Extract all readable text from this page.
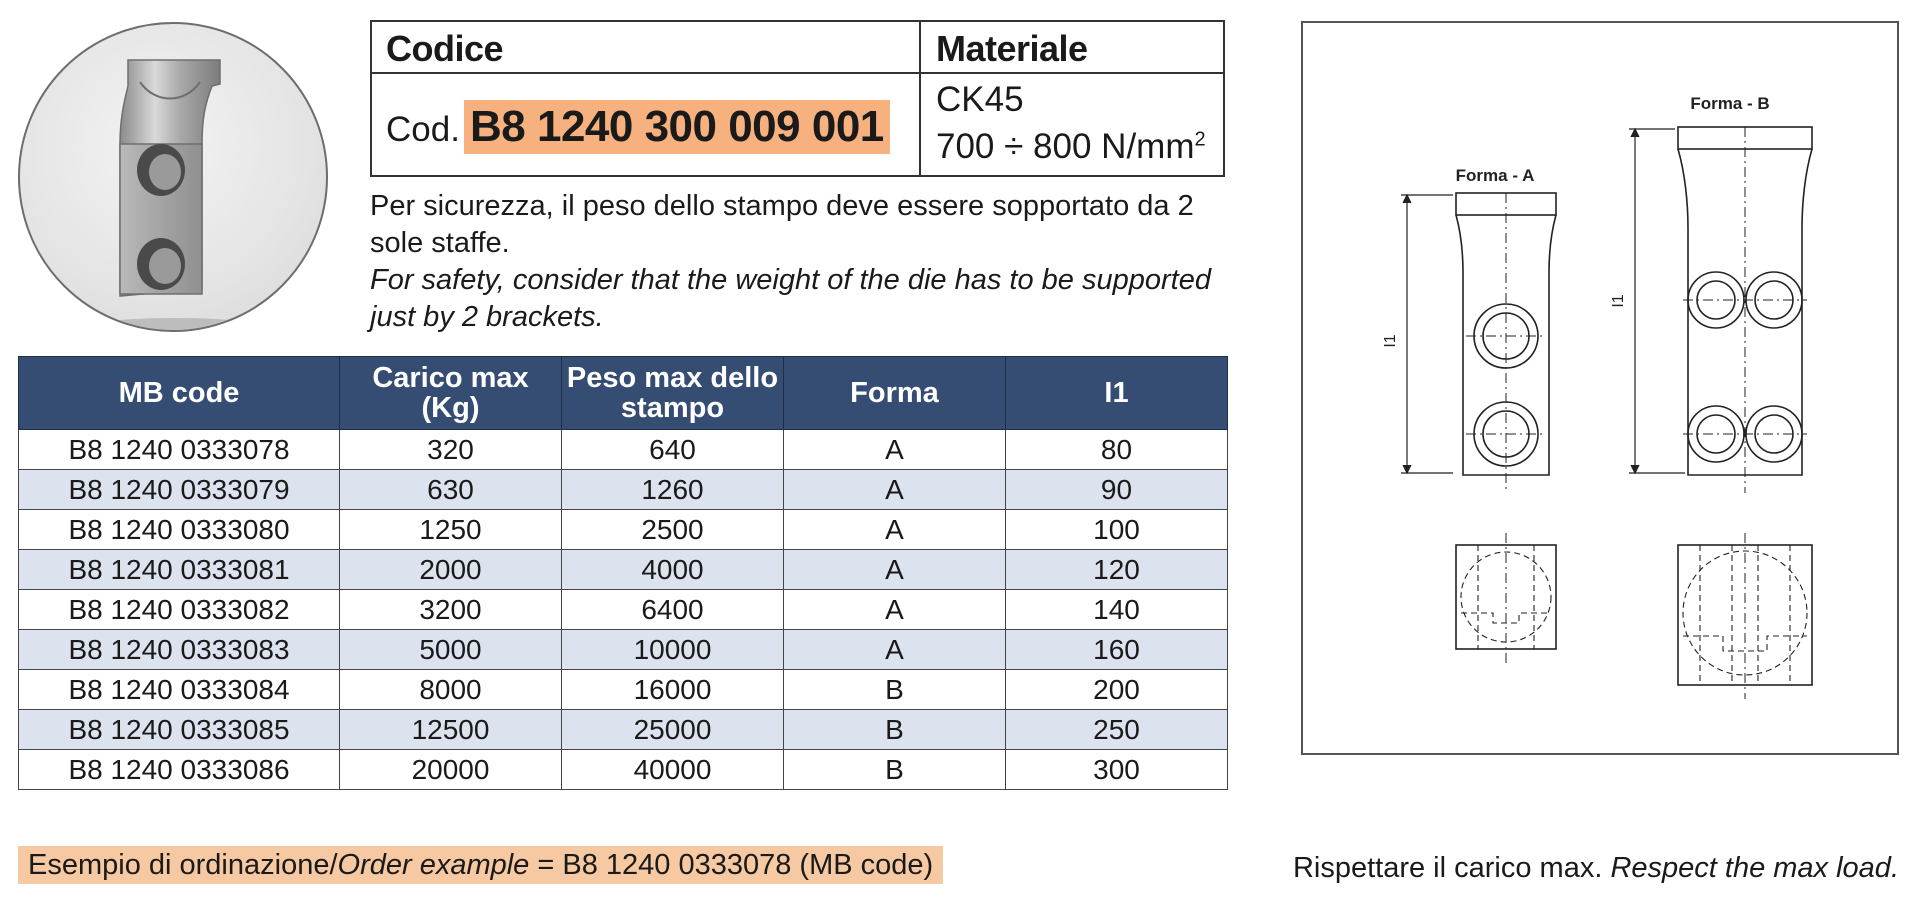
Codice	Materiale
Cod. B8 1240 300 009 001
CK45
700 ÷ 800 $N/mm^2$
Per sicurezza, il peso dello stampo deve essere sopportato da 2 sole staffe.
For safety, consider that the weight of the die has to be supported just by 2 brackets.
MB code	Carico max (Kg)	Peso max dello stampo	Forma	I1
B8 1240 0333078	320	640	A	80
B8 1240 0333079	630	1260	A	90
B8 1240 0333080	1250	2500	A	100
B8 1240 0333081	2000	4000	A	120
B8 1240 0333082	3200	6400	A	140
B8 1240 0333083	5000	10000	A	160
B8 1240 0333084	8000	16000	B	200
B8 1240 0333085	12500	25000	B	250
B8 1240 0333086	20000	40000	B	300
Esempio di ordinazione/Order example = B8 1240 0333078 (MB code)
Forma - A
I1
Forma - B
I1
Rispettare il carico max. Respect the max load.
